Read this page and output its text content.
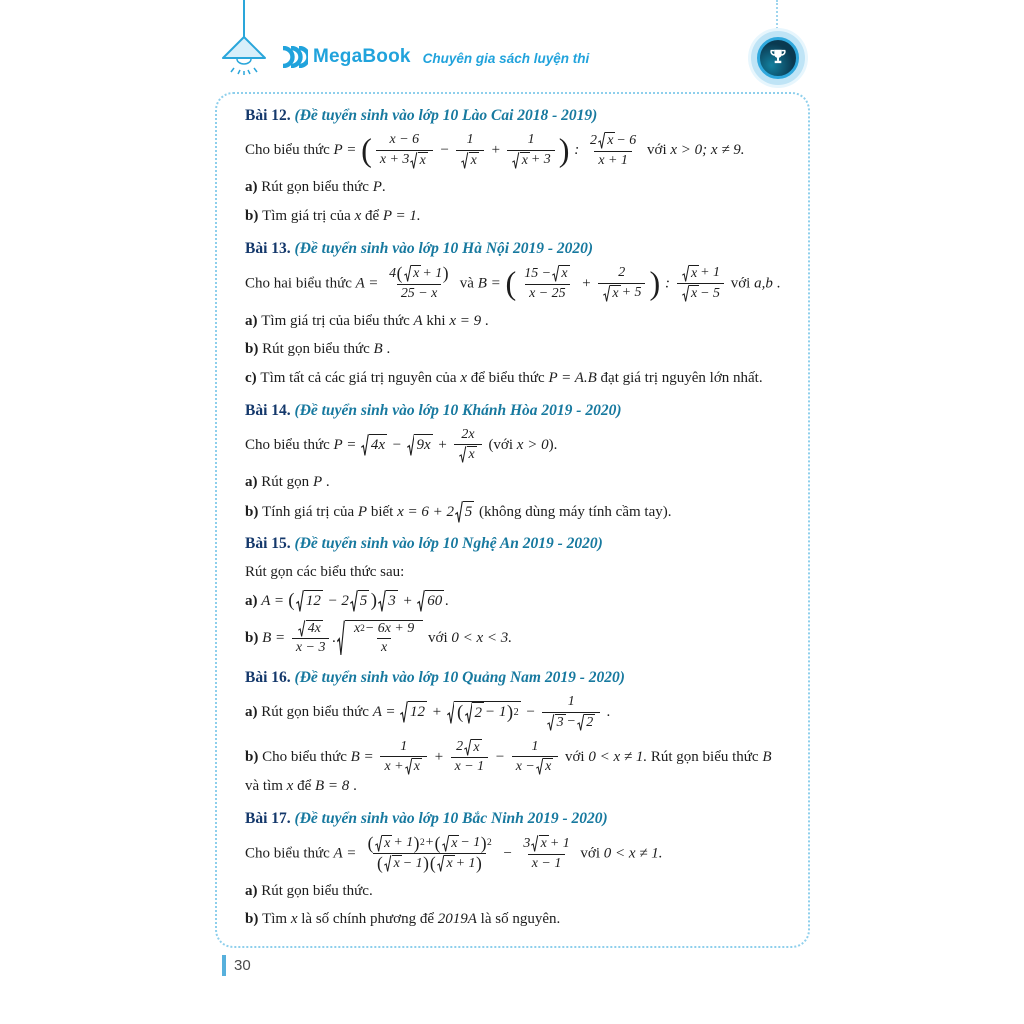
MegaBook Chuyên gia sách luyện thi
Bài 12. (Đề tuyển sinh vào lớp 10 Lào Cai 2018 - 2019)
Cho biểu thức P = ( $\frac{x - 6}{x + 3 x} - \frac{1}{x} + \frac{1}{x + 3}$ ) : $\frac{2 x - 6}{x + 1}$ với x > 0; x ≠ 9.
a) Rút gọn biểu thức P.
b) Tìm giá trị của x để P = 1.
Bài 13. (Đề tuyển sinh vào lớp 10 Hà Nội 2019 - 2020)
Cho hai biểu thức $A = \frac{4 ( x + 1 )}{25 - x}$ và B = ( $\frac{15 - x}{x - 25} + \frac{2}{x + 5}$ ) : $\frac{x + 1}{x - 5}$ với a,b .
a) Tìm giá trị của biểu thức A khi x = 9 .
b) Rút gọn biểu thức B .
c) Tìm tất cả các giá trị nguyên của x để biểu thức P = A.B đạt giá trị nguyên lớn nhất.
Bài 14. (Đề tuyển sinh vào lớp 10 Khánh Hòa 2019 - 2020)
Cho biểu thức $P = 4x - 9x + \frac{2x}{x}$ (với x > 0).
a) Rút gọn P .
b) Tính giá trị của P biết x = 6 + 2 5 (không dùng máy tính cầm tay).
Bài 15. (Đề tuyển sinh vào lớp 10 Nghệ An 2019 - 2020)
Rút gọn các biểu thức sau:
a) A = ( 12 − 2 5 ) 3 + 60 .
b) $B = \frac{4x}{x - 3}$ . $\frac{x 2 - 6x + 9}{x}$ với 0 < x < 3.
Bài 16. (Đề tuyển sinh vào lớp 10 Quảng Nam 2019 - 2020)
a) Rút gọn biểu thức A = 12 + ( 2 − 1 ) $2 - \frac{1}{3 - 2}$ .
b) Cho biểu thức $B = \frac{1}{x + x} + \frac{2 x}{x - 1} - \frac{1}{x - x}$ với 0 < x ≠ 1. Rút gọn biểu thức B và tìm x để B = 8 .
Bài 17. (Đề tuyển sinh vào lớp 10 Bắc Ninh 2019 - 2020)
Cho biểu thức $A = \frac{( x + 1 ) 2 + ( x - 1 ) 2}{( x - 1 ) ( x + 1 )} - \frac{3 x + 1}{x - 1}$ với 0 < x ≠ 1.
a) Rút gọn biểu thức.
b) Tìm x là số chính phương để 2019A là số nguyên.
30
